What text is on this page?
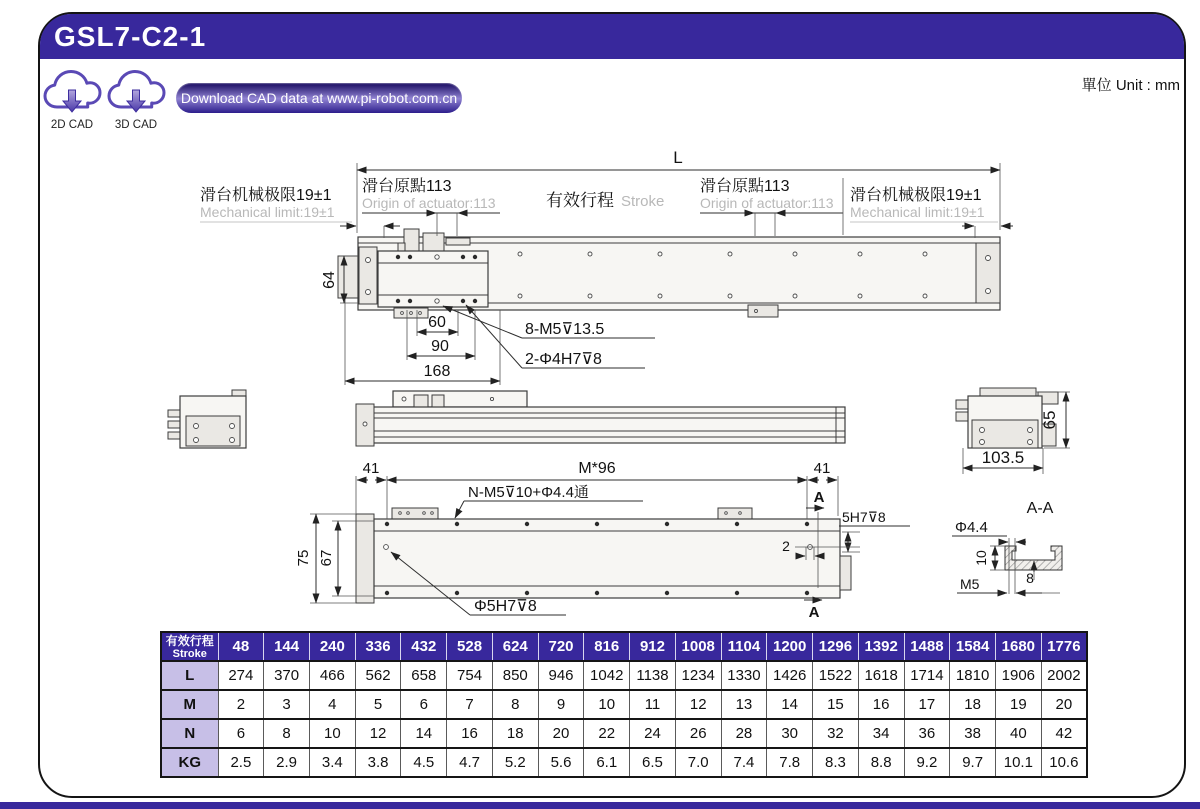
GSL7-C2-1
單位 Unit : mm
2D CAD	3D CAD
Download CAD data at www.pi-robot.com.cn
64
L
滑台原點113
Origin of actuator:113
滑台机械极限19±1
Mechanical limit:19±1
有效行程 Stroke
滑台原點113
Origin of actuator:113 滑台机械极限19±1
Mechanical limit:19±1
60
90
168
8-M5⊽13.5
2-Φ4H7⊽8
103.5
65
41	M*96	41
A
A
N-M5⊽10+Φ4.4通
75 67
Φ5H7⊽8
5H7⊽8
2
A-A
Φ4.4
10
M5	8
有效行程
Stroke	48	144	240	336	432	528	624	720	816	912	1008	1104	1200	1296	1392	1488	1584	1680	1776
L	274	370	466	562	658	754	850	946	1042	1138	1234	1330	1426	1522	1618	1714	1810	1906	2002
M	2	3	4	5	6	7	8	9	10	11	12	13	14	15	16	17	18	19	20
N	6	8	10	12	14	16	18	20	22	24	26	28	30	32	34	36	38	40	42
KG	2.5	2.9	3.4	3.8	4.5	4.7	5.2	5.6	6.1	6.5	7.0	7.4	7.8	8.3	8.8	9.2	9.7	10.1	10.6
